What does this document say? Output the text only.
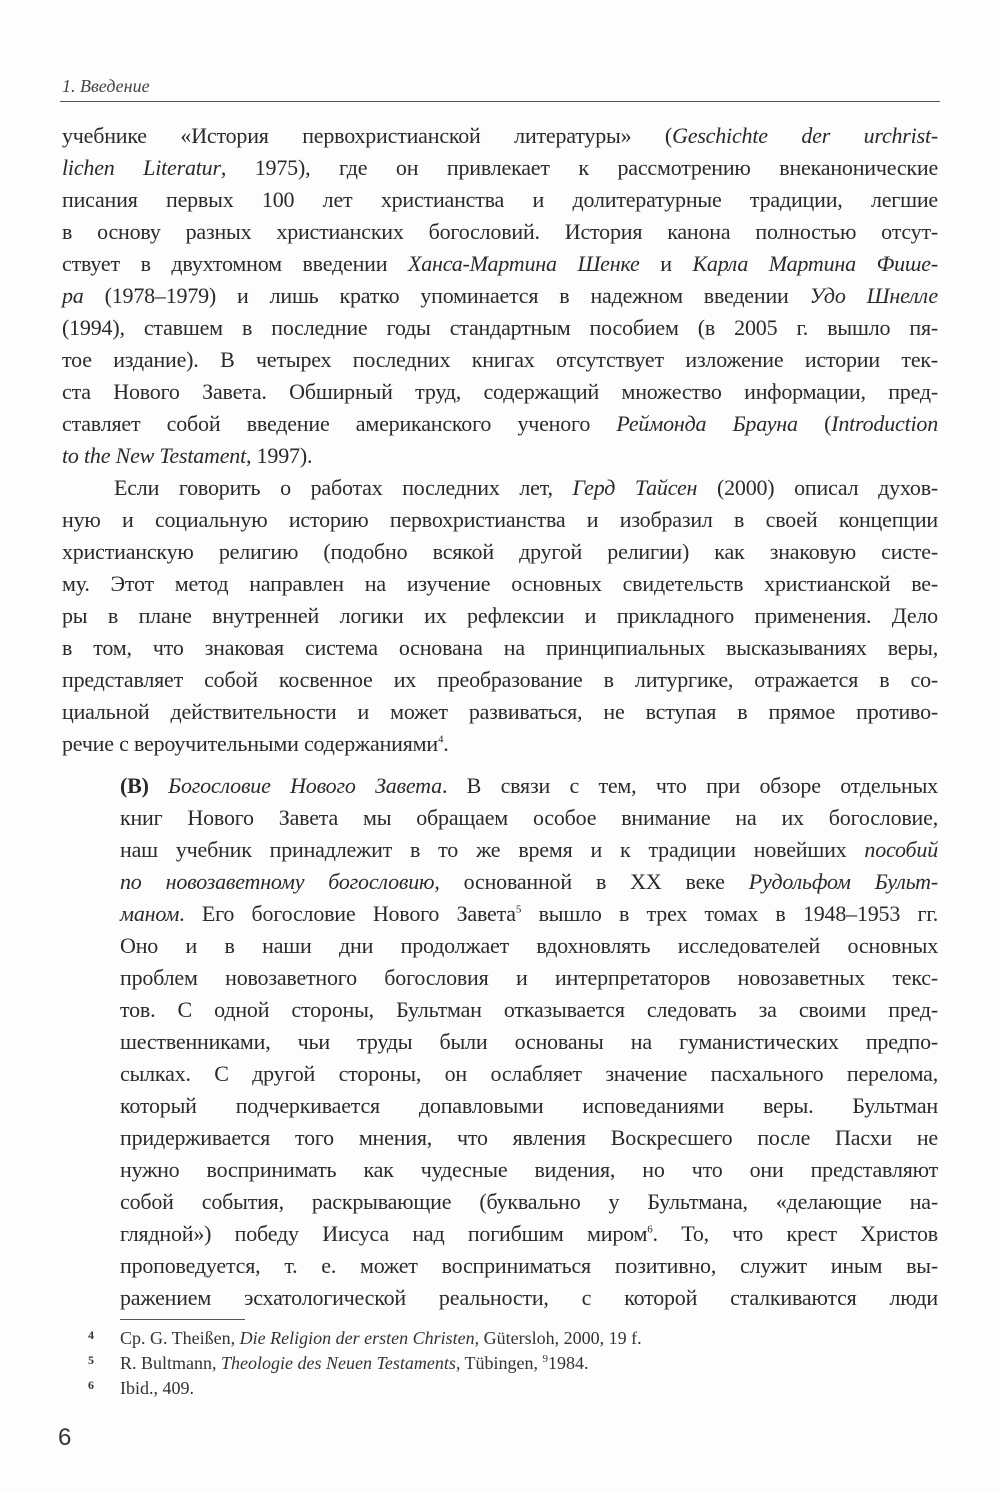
1. Введение
учебнике «История первохристианской литературы» (Geschichte der urchrist-
lichen Literatur, 1975), где он привлекает к рассмотрению внеканонические
писания первых 100 лет христианства и долитературные традиции, легшие
в основу разных христианских богословий. История канона полностью отсут-
ствует в двухтомном введении Ханса-Мартина Шенке и Карла Мартина Фише-
ра (1978–1979) и лишь кратко упоминается в надежном введении Удо Шнелле
(1994), ставшем в последние годы стандартным пособием (в 2005 г. вышло пя-
тое издание). В четырех последних книгах отсутствует изложение истории тек-
ста Нового Завета. Обширный труд, содержащий множество информации, пред-
ставляет собой введение американского ученого Реймонда Брауна (Introduction
to the New Testament, 1997).
Если говорить о работах последних лет, Герд Тайсен (2000) описал духов-
ную и социальную историю первохристианства и изобразил в своей концепции
христианскую религию (подобно всякой другой религии) как знаковую систе-
му. Этот метод направлен на изучение основных свидетельств христианской ве-
ры в плане внутренней логики их рефлексии и прикладного применения. Дело
в том, что знаковая система основана на принципиальных высказываниях веры,
представляет собой косвенное их преобразование в литургике, отражается в со-
циальной действительности и может развиваться, не вступая в прямое противо-
речие с вероучительными содержаниями$^4$.
(B) Богословие Нового Завета. В связи с тем, что при обзоре отдельных
книг Нового Завета мы обращаем особое внимание на их богословие,
наш учебник принадлежит в то же время и к традиции новейших пособий
по новозаветному богословию, основанной в XX веке Рудольфом Бульт-
маном. Его богословие Нового Завета$^5$ вышло в трех томах в 1948–1953 гг.
Оно и в наши дни продолжает вдохновлять исследователей основных
проблем новозаветного богословия и интерпретаторов новозаветных текс-
тов. С одной стороны, Бультман отказывается следовать за своими пред-
шественниками, чьи труды были основаны на гуманистических предпо-
сылках. С другой стороны, он ослабляет значение пасхального перелома,
который подчеркивается допавловыми исповеданиями веры. Бультман
придерживается того мнения, что явления Воскресшего после Пасхи не
нужно воспринимать как чудесные видения, но что они представляют
собой события, раскрывающие (буквально у Бультмана, «делающие на-
глядной») победу Иисуса над погибшим миром$^6$. То, что крест Христов
проповедуется, т. е. может восприниматься позитивно, служит иным вы-
ражением эсхатологической реальности, с которой сталкиваются люди
4 Cp. G. Theißen, Die Religion der ersten Christen, Gütersloh, 2000, 19 f.
5 R. Bultmann, Theologie des Neuen Testaments, Tübingen, $^9$1984.
6 Ibid., 409.
6
